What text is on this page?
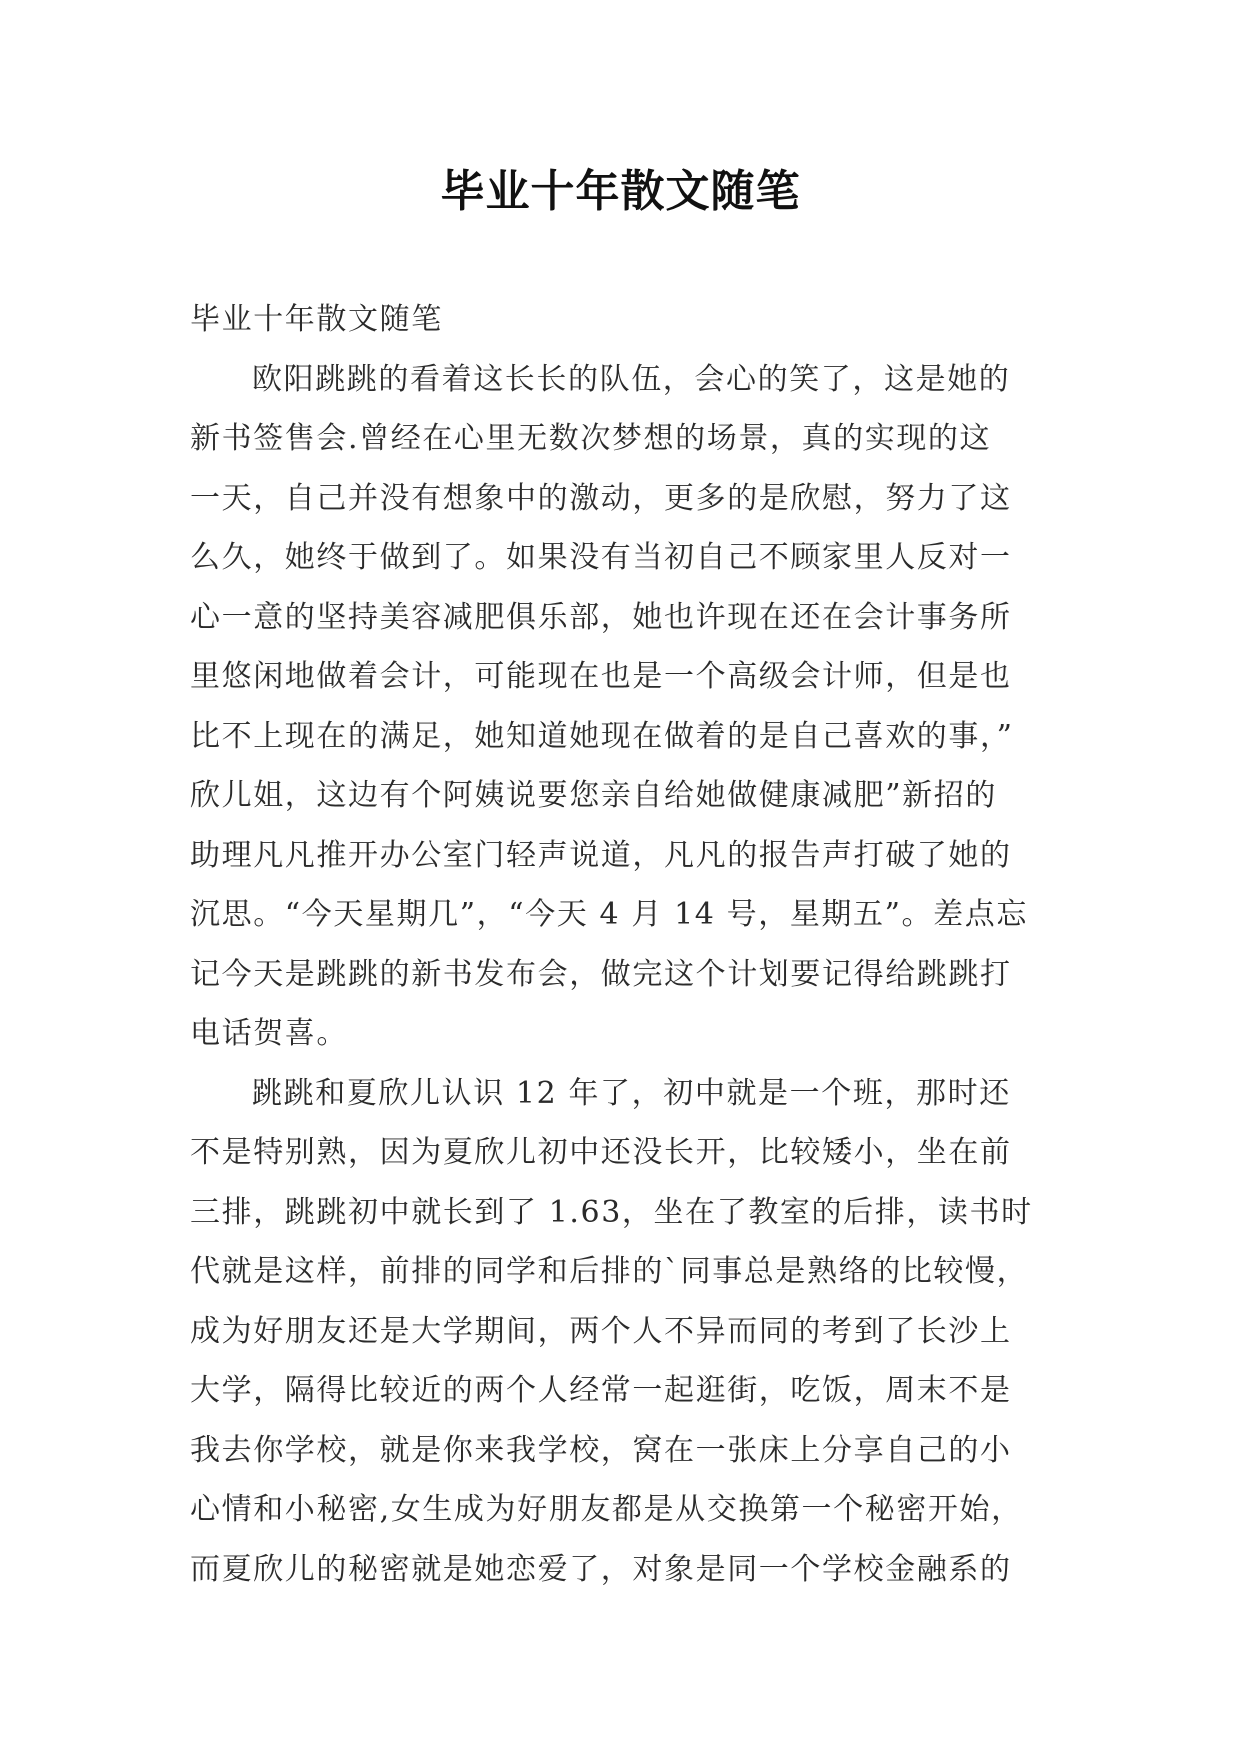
毕业十年散文随笔
毕业十年散文随笔
欧阳跳跳的看着这长长的队伍，会心的笑了，这是她的
新书签售会.曾经在心里无数次梦想的场景，真的实现的这
一天，自己并没有想象中的激动，更多的是欣慰，努力了这
么久，她终于做到了。如果没有当初自己不顾家里人反对一
心一意的坚持美容减肥俱乐部，她也许现在还在会计事务所
里悠闲地做着会计，可能现在也是一个高级会计师，但是也
比不上现在的满足，她知道她现在做着的是自己喜欢的事，”
欣儿姐，这边有个阿姨说要您亲自给她做健康减肥”新招的
助理凡凡推开办公室门轻声说道，凡凡的报告声打破了她的
沉思。“今天星期几”，“今天 4 月 14 号，星期五”。差点忘
记今天是跳跳的新书发布会，做完这个计划要记得给跳跳打
电话贺喜。
跳跳和夏欣儿认识 12 年了，初中就是一个班，那时还
不是特别熟，因为夏欣儿初中还没长开，比较矮小，坐在前
三排，跳跳初中就长到了 1.63，坐在了教室的后排，读书时
代就是这样，前排的同学和后排的`同事总是熟络的比较慢，
成为好朋友还是大学期间，两个人不异而同的考到了长沙上
大学，隔得比较近的两个人经常一起逛街，吃饭，周末不是
我去你学校，就是你来我学校，窝在一张床上分享自己的小
心情和小秘密,女生成为好朋友都是从交换第一个秘密开始，
而夏欣儿的秘密就是她恋爱了，对象是同一个学校金融系的
